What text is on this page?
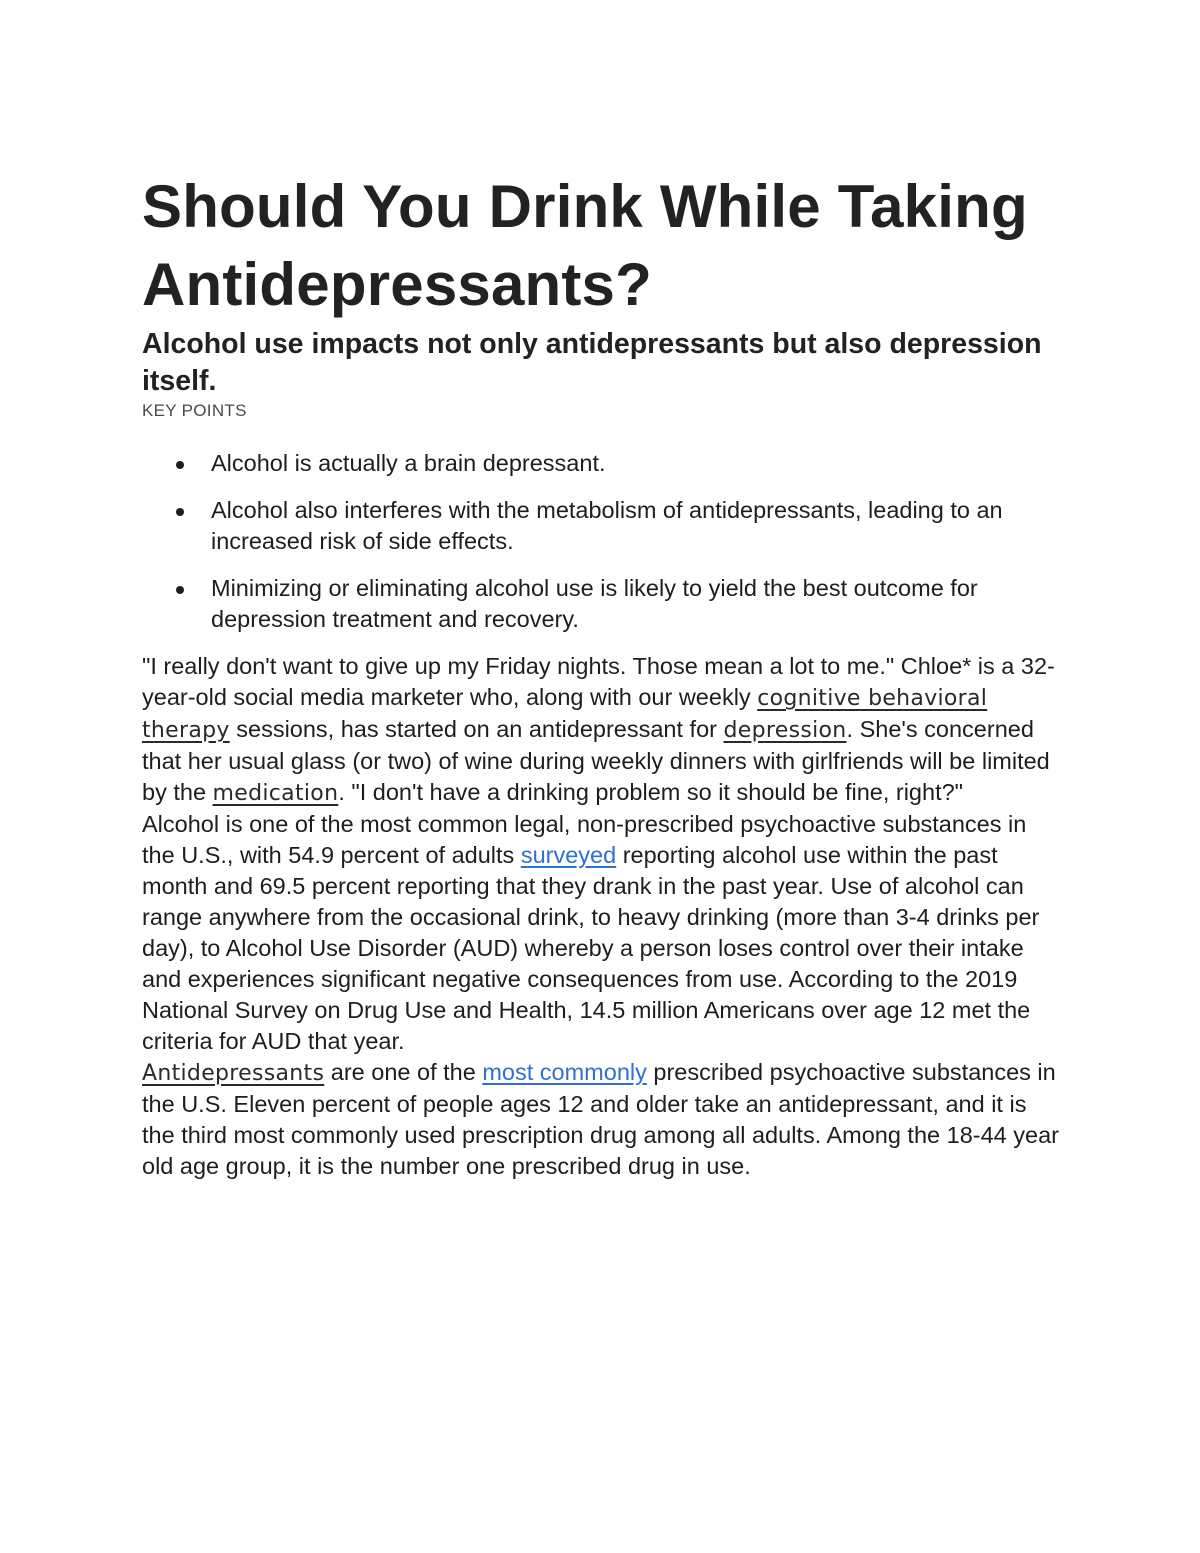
Should You Drink While Taking Antidepressants?
Alcohol use impacts not only antidepressants but also depression itself.
KEY POINTS
Alcohol is actually a brain depressant.
Alcohol also interferes with the metabolism of antidepressants, leading to an increased risk of side effects.
Minimizing or eliminating alcohol use is likely to yield the best outcome for depression treatment and recovery.

"I really don't want to give up my Friday nights. Those mean a lot to me." Chloe* is a 32-year-old social media marketer who, along with our weekly cognitive behavioral therapy sessions, has started on an antidepressant for depression. She's concerned that her usual glass (or two) of wine during weekly dinners with girlfriends will be limited by the medication. "I don't have a drinking problem so it should be fine, right?"

Alcohol is one of the most common legal, non-prescribed psychoactive substances in the U.S., with 54.9 percent of adults surveyed reporting alcohol use within the past month and 69.5 percent reporting that they drank in the past year. Use of alcohol can range anywhere from the occasional drink, to heavy drinking (more than 3-4 drinks per day), to Alcohol Use Disorder (AUD) whereby a person loses control over their intake and experiences significant negative consequences from use. According to the 2019 National Survey on Drug Use and Health, 14.5 million Americans over age 12 met the criteria for AUD that year.

Antidepressants are one of the most commonly prescribed psychoactive substances in the U.S. Eleven percent of people ages 12 and older take an antidepressant, and it is the third most commonly used prescription drug among all adults. Among the 18-44 year old age group, it is the number one prescribed drug in use.
